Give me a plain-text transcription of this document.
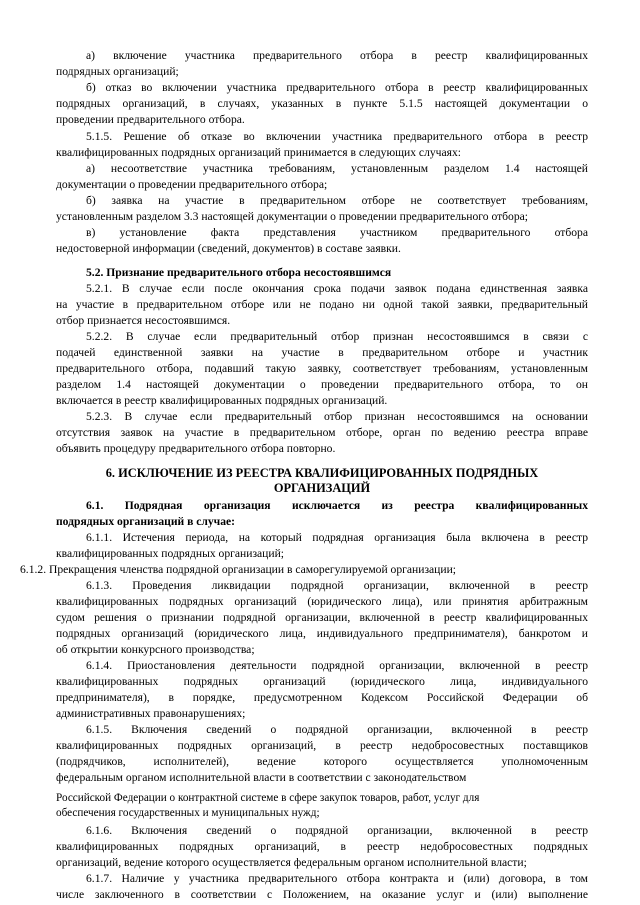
а) включение участника предварительного отбора в реестр квалифицированных
подрядных организаций;
б) отказ во включении участника предварительного отбора в реестр квалифицированных
подрядных организаций, в случаях, указанных в пункте 5.1.5 настоящей документации о
проведении предварительного отбора.
5.1.5. Решение об отказе во включении участника предварительного отбора в реестр
квалифицированных подрядных организаций принимается в следующих случаях:
а) несоответствие участника требованиям, установленным разделом 1.4 настоящей
документации о проведении предварительного отбора;
б) заявка на участие в предварительном отборе не соответствует требованиям,
установленным разделом 3.3 настоящей документации о проведении предварительного отбора;
в) установление факта представления участником предварительного отбора
недостоверной информации (сведений, документов) в составе заявки.
5.2. Признание предварительного отбора несостоявшимся
5.2.1. В случае если после окончания срока подачи заявок подана единственная заявка
на участие в предварительном отборе или не подано ни одной такой заявки, предварительный
отбор признается несостоявшимся.
5.2.2. В случае если предварительный отбор признан несостоявшимся в связи с
подачей единственной заявки на участие в предварительном отборе и участник
предварительного отбора, подавший такую заявку, соответствует требованиям, установленным
разделом 1.4 настоящей документации о проведении предварительного отбора, то он
включается в реестр квалифицированных подрядных организаций.
5.2.3. В случае если предварительный отбор признан несостоявшимся на основании
отсутствия заявок на участие в предварительном отборе, орган по ведению реестра вправе
объявить процедуру предварительного отбора повторно.
6. ИСКЛЮЧЕНИЕ ИЗ РЕЕСТРА КВАЛИФИЦИРОВАННЫХ ПОДРЯДНЫХ
ОРГАНИЗАЦИЙ
6.1. Подрядная организация исключается из реестра квалифицированных
подрядных организаций в случае:
6.1.1. Истечения периода, на который подрядная организация была включена в реестр
квалифицированных подрядных организаций;
6.1.2. Прекращения членства подрядной организации в саморегулируемой организации;
6.1.3. Проведения ликвидации подрядной организации, включенной в реестр
квалифицированных подрядных организаций (юридического лица), или принятия арбитражным
судом решения о признании подрядной организации, включенной в реестр квалифицированных
подрядных организаций (юридического лица, индивидуального предпринимателя), банкротом и
об открытии конкурсного производства;
6.1.4. Приостановления деятельности подрядной организации, включенной в реестр
квалифицированных подрядных организаций (юридического лица, индивидуального
предпринимателя), в порядке, предусмотренном Кодексом Российской Федерации об
административных правонарушениях;
6.1.5. Включения сведений о подрядной организации, включенной в реестр
квалифицированных подрядных организаций, в реестр недобросовестных поставщиков
(подрядчиков, исполнителей), ведение которого осуществляется уполномоченным
федеральным органом исполнительной власти в соответствии с законодательством
Российской Федерации о контрактной системе в сфере закупок товаров, работ, услуг для
обеспечения государственных и муниципальных нужд;
6.1.6. Включения сведений о подрядной организации, включенной в реестр
квалифицированных подрядных организаций, в реестр недобросовестных подрядных
организаций, ведение которого осуществляется федеральным органом исполнительной власти;
6.1.7. Наличие у участника предварительного отбора контракта и (или) договора, в том
числе заключенного в соответствии с Положением, на оказание услуг и (или) выполнение
